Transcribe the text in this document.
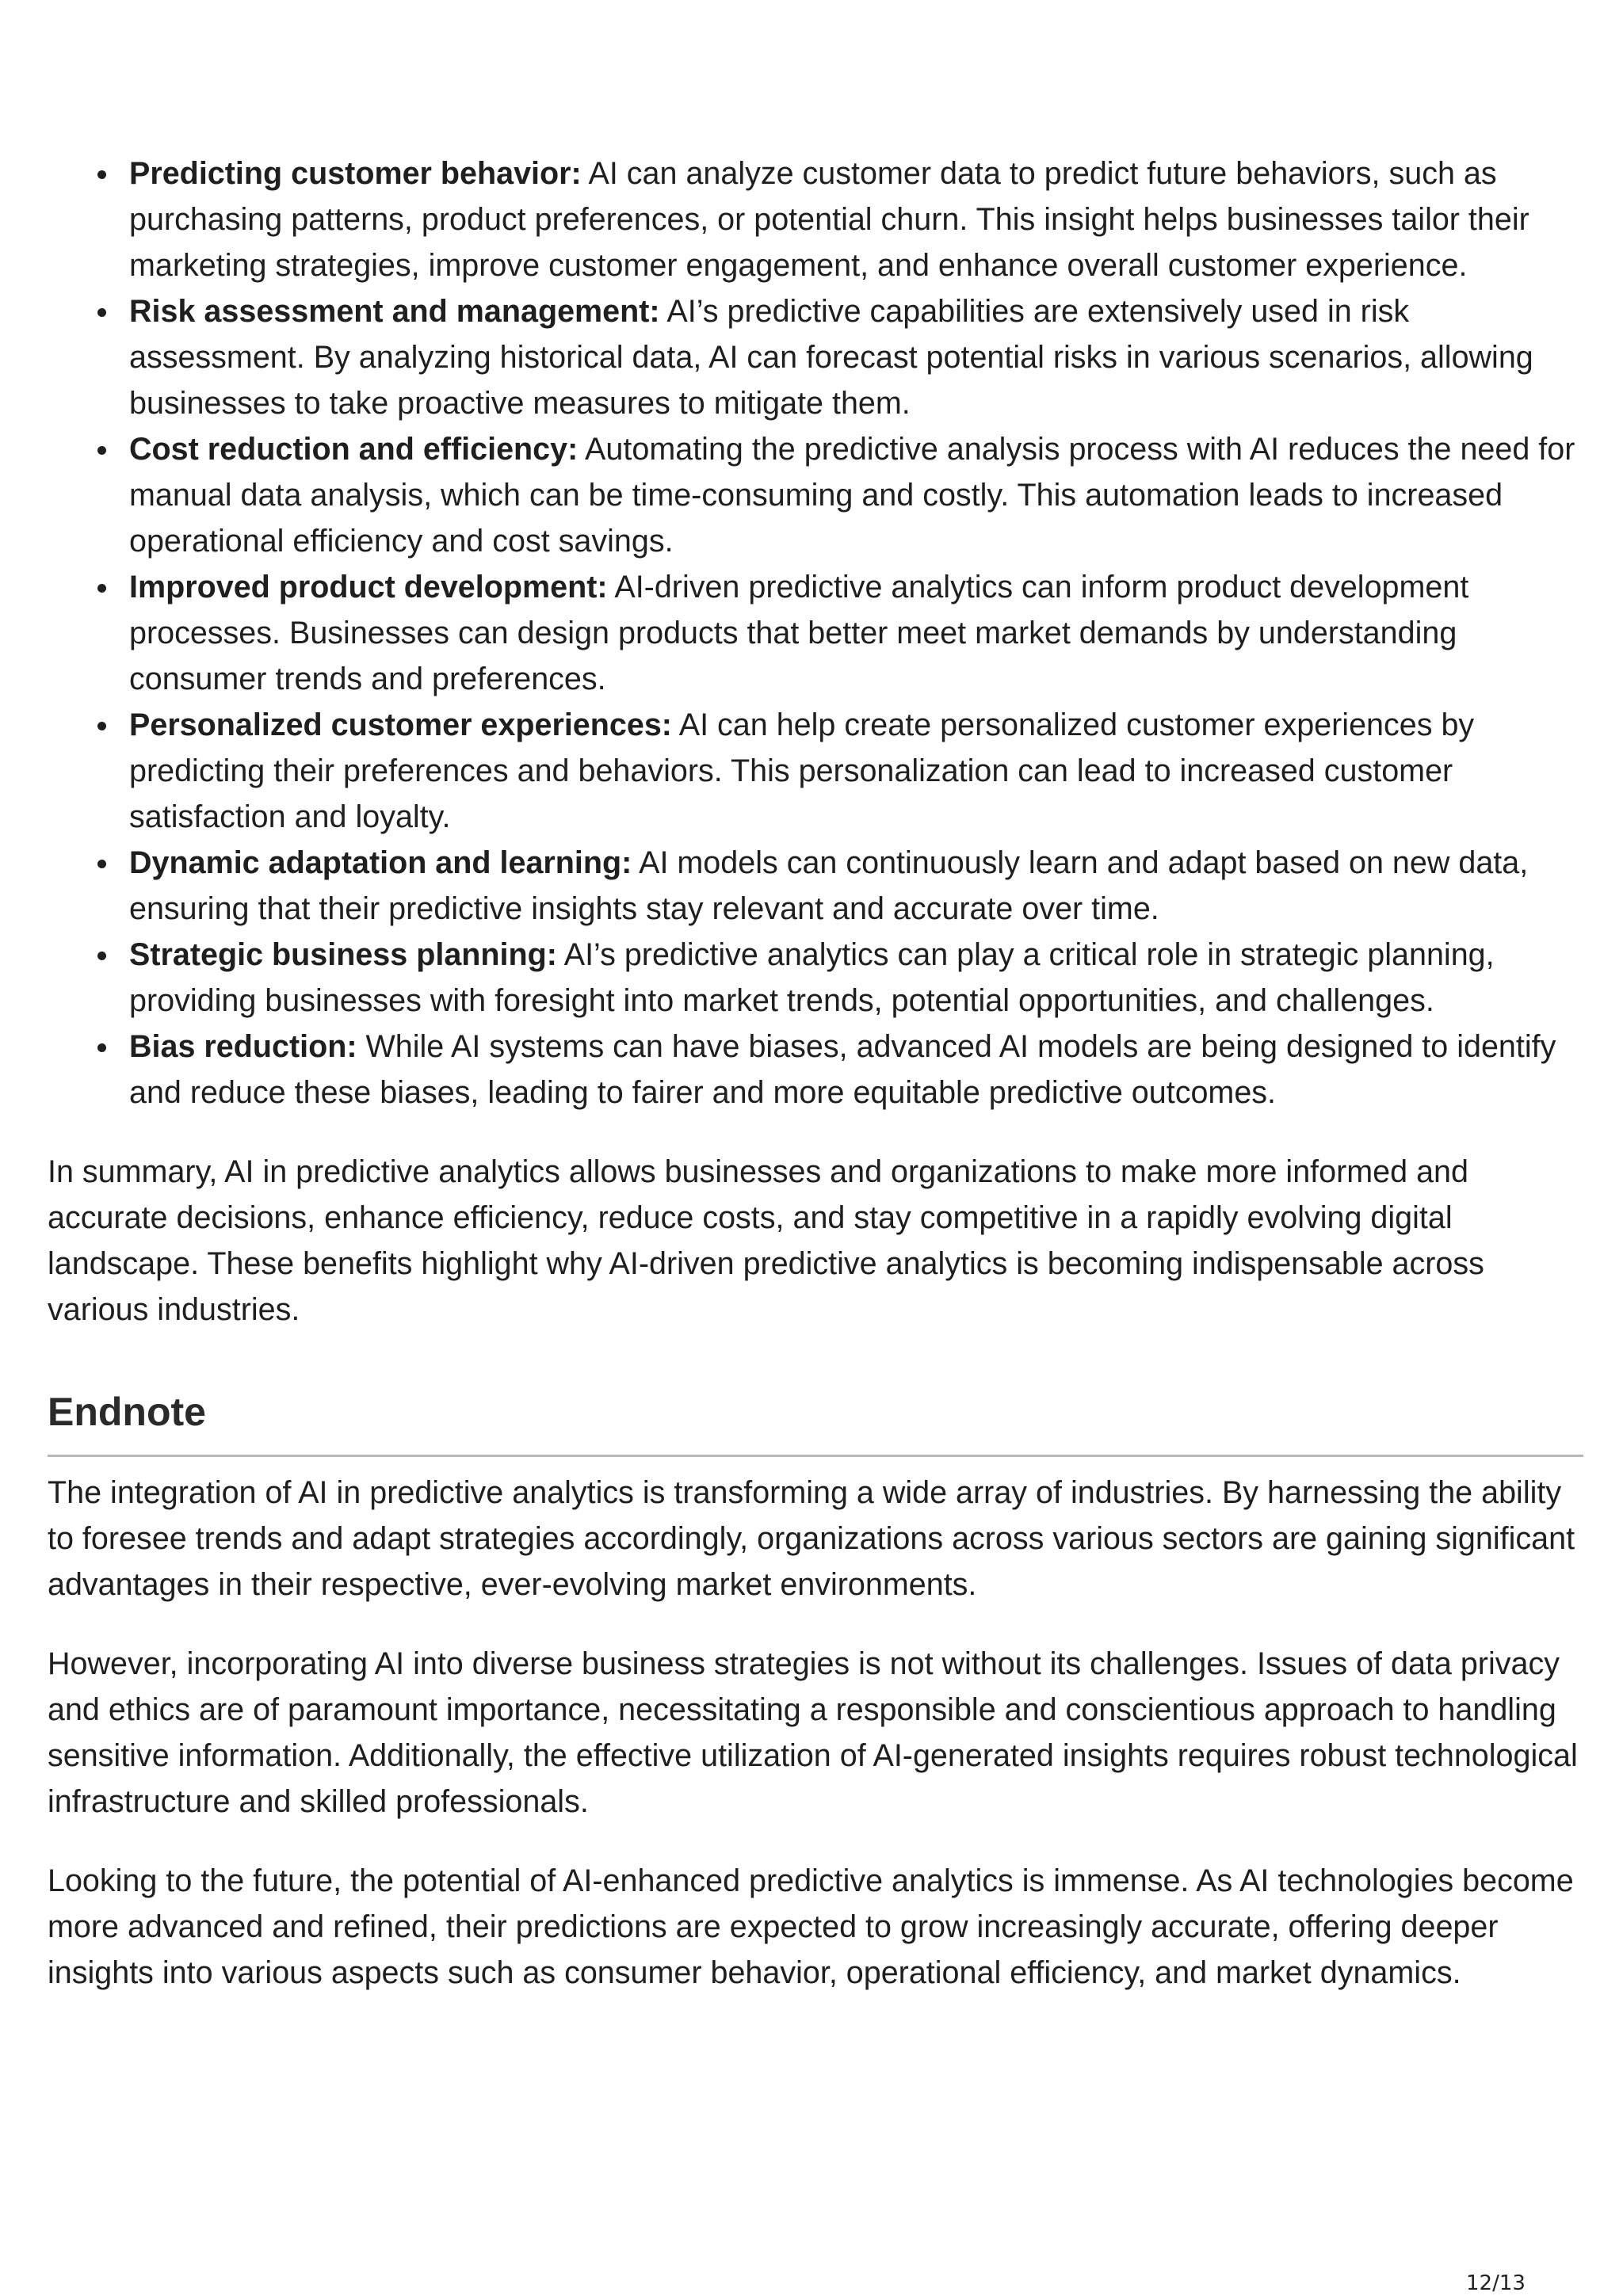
Predicting customer behavior: AI can analyze customer data to predict future behaviors, such as purchasing patterns, product preferences, or potential churn. This insight helps businesses tailor their marketing strategies, improve customer engagement, and enhance overall customer experience.
Risk assessment and management: AI’s predictive capabilities are extensively used in risk assessment. By analyzing historical data, AI can forecast potential risks in various scenarios, allowing businesses to take proactive measures to mitigate them.
Cost reduction and efficiency: Automating the predictive analysis process with AI reduces the need for manual data analysis, which can be time-consuming and costly. This automation leads to increased operational efficiency and cost savings.
Improved product development: AI-driven predictive analytics can inform product development processes. Businesses can design products that better meet market demands by understanding consumer trends and preferences.
Personalized customer experiences: AI can help create personalized customer experiences by predicting their preferences and behaviors. This personalization can lead to increased customer satisfaction and loyalty.
Dynamic adaptation and learning: AI models can continuously learn and adapt based on new data, ensuring that their predictive insights stay relevant and accurate over time.
Strategic business planning: AI’s predictive analytics can play a critical role in strategic planning, providing businesses with foresight into market trends, potential opportunities, and challenges.
Bias reduction: While AI systems can have biases, advanced AI models are being designed to identify and reduce these biases, leading to fairer and more equitable predictive outcomes.

In summary, AI in predictive analytics allows businesses and organizations to make more informed and accurate decisions, enhance efficiency, reduce costs, and stay competitive in a rapidly evolving digital landscape. These benefits highlight why AI-driven predictive analytics is becoming indispensable across various industries.

Endnote

The integration of AI in predictive analytics is transforming a wide array of industries. By harnessing the ability to foresee trends and adapt strategies accordingly, organizations across various sectors are gaining significant advantages in their respective, ever-evolving market environments.

However, incorporating AI into diverse business strategies is not without its challenges. Issues of data privacy and ethics are of paramount importance, necessitating a responsible and conscientious approach to handling sensitive information. Additionally, the effective utilization of AI-generated insights requires robust technological infrastructure and skilled professionals.

Looking to the future, the potential of AI-enhanced predictive analytics is immense. As AI technologies become more advanced and refined, their predictions are expected to grow increasingly accurate, offering deeper insights into various aspects such as consumer behavior, operational efficiency, and market dynamics.

12/13
